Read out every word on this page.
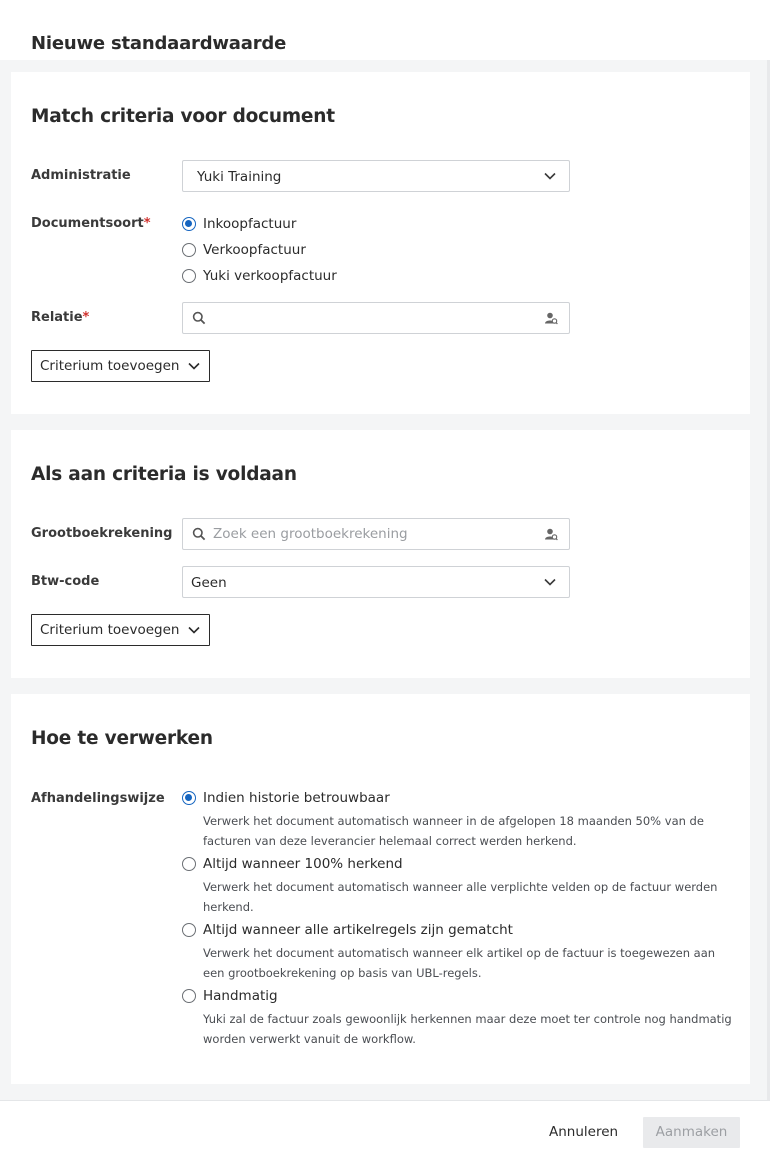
Nieuwe standaardwaarde
Match criteria voor document
Administratie	Yuki Training
Documentsoort*	Inkoopfactuur
Verkoopfactuur
Yuki verkoopfactuur
Relatie*
Criterium toevoegen
Als aan criteria is voldaan
Grootboekrekening
Zoek een grootboekrekening
Btw-code	Geen
Criterium toevoegen
Hoe te verwerken
Afhandelingswijze	Indien historie betrouwbaar
Verwerk het document automatisch wanneer in de afgelopen 18 maanden 50% van de
facturen van deze leverancier helemaal correct werden herkend.
Altijd wanneer 100% herkend
Verwerk het document automatisch wanneer alle verplichte velden op de factuur werden
herkend.
Altijd wanneer alle artikelregels zijn gematcht
Verwerk het document automatisch wanneer elk artikel op de factuur is toegewezen aan
een grootboekrekening op basis van UBL-regels.
Handmatig
Yuki zal de factuur zoals gewoonlijk herkennen maar deze moet ter controle nog handmatig
worden verwerkt vanuit de workflow.
Annuleren	Aanmaken
